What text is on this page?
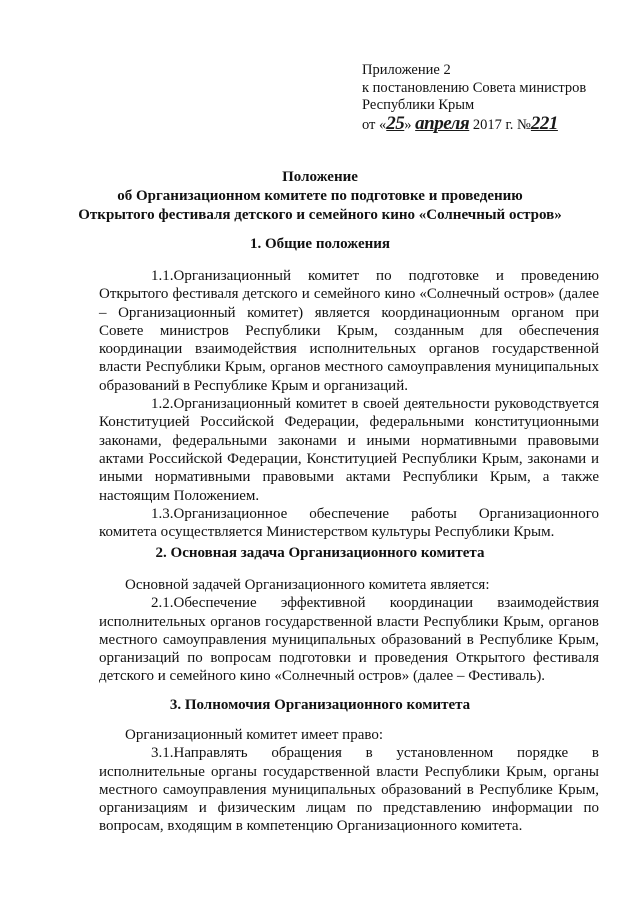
Приложение 2
к постановлению Совета министров
Республики Крым
от «25» апреля 2017 г. №221
Положение
об Организационном комитете по подготовке и проведению
Открытого фестиваля детского и семейного кино «Солнечный остров»
1. Общие положения

1.1.Организационный комитет по подготовке и проведению Открытого фестиваля детского и семейного кино «Солнечный остров» (далее – Организационный комитет) является координационным органом при Совете министров Республики Крым, созданным для обеспечения координации взаимодействия исполнительных органов государственной власти Республики Крым, органов местного самоуправления муниципальных образований в Республике Крым и организаций.

1.2.Организационный комитет в своей деятельности руководствуется Конституцией Российской Федерации, федеральными конституционными законами, федеральными законами и иными нормативными правовыми актами Российской Федерации, Конституцией Республики Крым, законами и иными нормативными правовыми актами Республики Крым, а также настоящим Положением.

1.3.Организационное обеспечение работы Организационного комитета осуществляется Министерством культуры Республики Крым.

2. Основная задача Организационного комитета

Основной задачей Организационного комитета является:

2.1.Обеспечение эффективной координации взаимодействия исполнительных органов государственной власти Республики Крым, органов местного самоуправления муниципальных образований в Республике Крым, организаций по вопросам подготовки и проведения Открытого фестиваля детского и семейного кино «Солнечный остров» (далее – Фестиваль).

3. Полномочия Организационного комитета

Организационный комитет имеет право:

3.1.Направлять обращения в установленном порядке в исполнительные органы государственной власти Республики Крым, органы местного самоуправления муниципальных образований в Республике Крым, организациям и физическим лицам по представлению информации по вопросам, входящим в компетенцию Организационного комитета.
